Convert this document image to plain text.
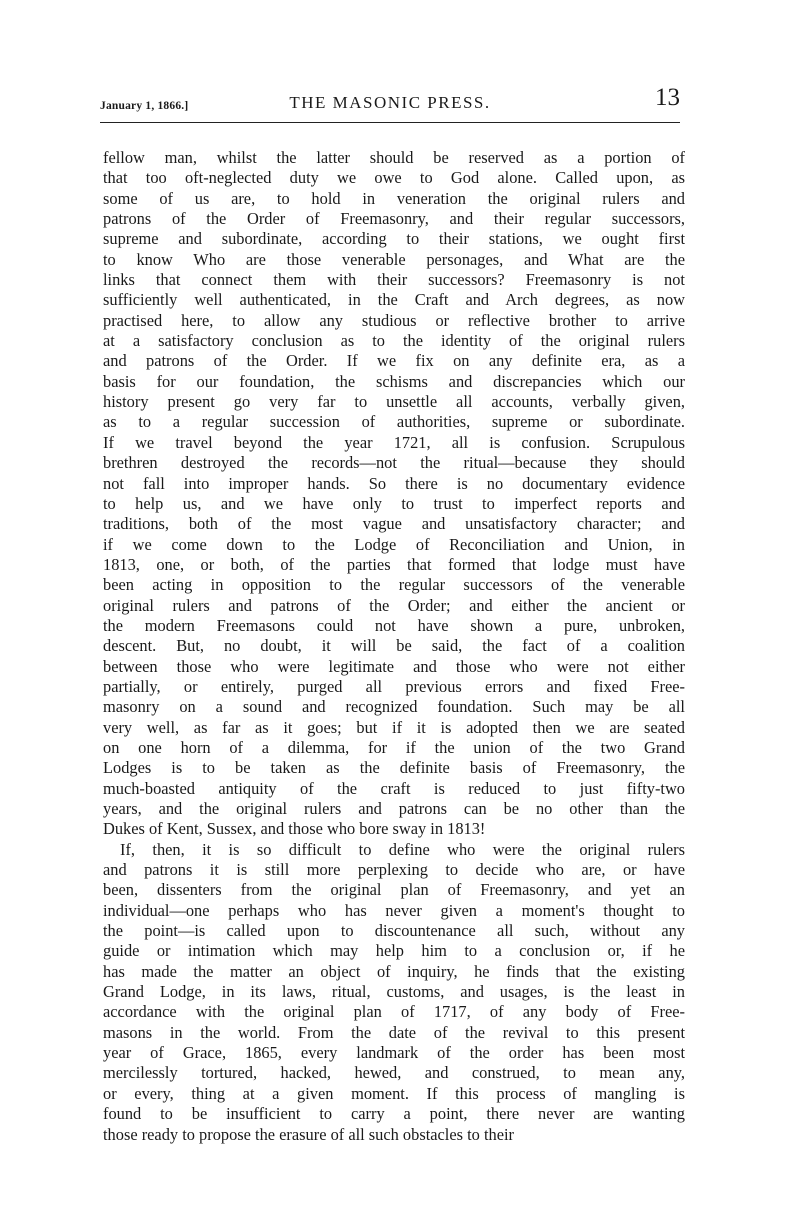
January 1, 1866.]	THE MASONIC PRESS.	13

fellow man, whilst the latter should be reserved as a portion of
that too oft-neglected duty we owe to God alone. Called upon, as
some of us are, to hold in veneration the original rulers and
patrons of the Order of Freemasonry, and their regular successors,
supreme and subordinate, according to their stations, we ought first
to know Who are those venerable personages, and What are the
links that connect them with their successors? Freemasonry is not
sufficiently well authenticated, in the Craft and Arch degrees, as now
practised here, to allow any studious or reflective brother to arrive
at a satisfactory conclusion as to the identity of the original rulers
and patrons of the Order. If we fix on any definite era, as a
basis for our foundation, the schisms and discrepancies which our
history present go very far to unsettle all accounts, verbally given,
as to a regular succession of authorities, supreme or subordinate.
If we travel beyond the year 1721, all is confusion. Scrupulous
brethren destroyed the records—not the ritual—because they should
not fall into improper hands. So there is no documentary evidence
to help us, and we have only to trust to imperfect reports and
traditions, both of the most vague and unsatisfactory character; and
if we come down to the Lodge of Reconciliation and Union, in
1813, one, or both, of the parties that formed that lodge must have
been acting in opposition to the regular successors of the venerable
original rulers and patrons of the Order; and either the ancient or
the modern Freemasons could not have shown a pure, unbroken,
descent. But, no doubt, it will be said, the fact of a coalition
between those who were legitimate and those who were not either
partially, or entirely, purged all previous errors and fixed Free-
masonry on a sound and recognized foundation. Such may be all
very well, as far as it goes; but if it is adopted then we are seated
on one horn of a dilemma, for if the union of the two Grand
Lodges is to be taken as the definite basis of Freemasonry, the
much-boasted antiquity of the craft is reduced to just fifty-two
years, and the original rulers and patrons can be no other than the
Dukes of Kent, Sussex, and those who bore sway in 1813!

If, then, it is so difficult to define who were the original rulers
and patrons it is still more perplexing to decide who are, or have
been, dissenters from the original plan of Freemasonry, and yet an
individual—one perhaps who has never given a moment's thought to
the point—is called upon to discountenance all such, without any
guide or intimation which may help him to a conclusion or, if he
has made the matter an object of inquiry, he finds that the existing
Grand Lodge, in its laws, ritual, customs, and usages, is the least in
accordance with the original plan of 1717, of any body of Free-
masons in the world. From the date of the revival to this present
year of Grace, 1865, every landmark of the order has been most
mercilessly tortured, hacked, hewed, and construed, to mean any,
or every, thing at a given moment. If this process of mangling is
found to be insufficient to carry a point, there never are wanting
those ready to propose the erasure of all such obstacles to their
